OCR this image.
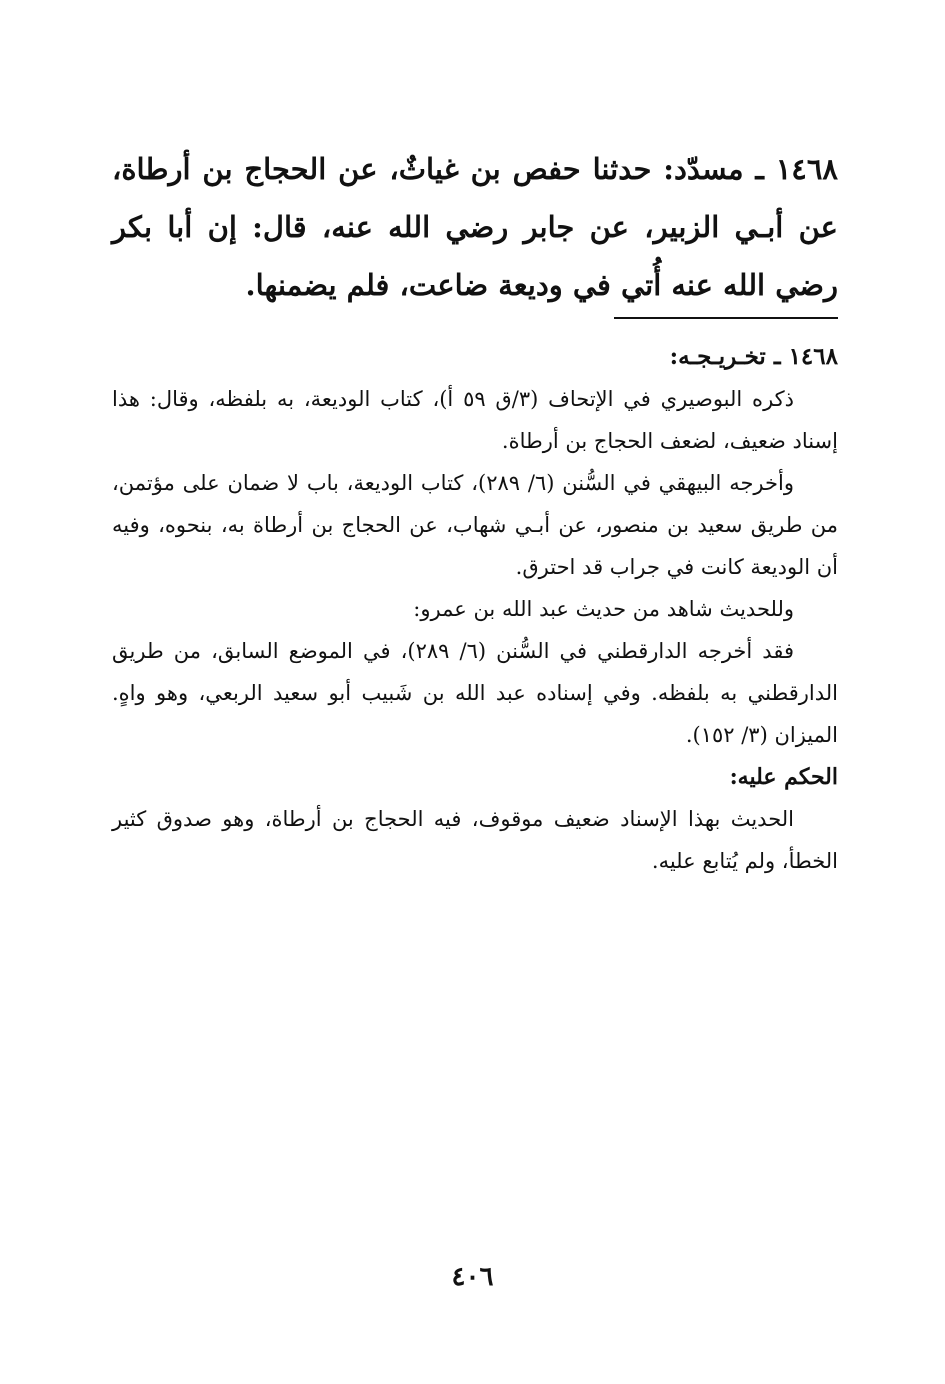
١٤٦٨ ـ مسدّد: حدثنا حفص بن غياثٌ، عن الحجاج بن أرطاة، عن أبـي الزبير، عن جابر رضي الله عنه، قال: إن أبا بكر رضي الله عنه أُتي في وديعة ضاعت، فلم يضمنها.

١٤٦٨ ـ تخـريـجـه:

ذكره البوصيري في الإتحاف (٣/ق ٥٩ أ)، كتاب الوديعة، به بلفظه، وقال: هذا إسناد ضعيف، لضعف الحجاج بن أرطاة.

وأخرجه البيهقي في السُّنن (٦/ ٢٨٩)، كتاب الوديعة، باب لا ضمان على مؤتمن، من طريق سعيد بن منصور، عن أبـي شهاب، عن الحجاج بن أرطاة به، بنحوه، وفيه أن الوديعة كانت في جراب قد احترق.

وللحديث شاهد من حديث عبد الله بن عمرو:

فقد أخرجه الدارقطني في السُّنن (٦/ ٢٨٩)، في الموضع السابق، من طريق الدارقطني به بلفظه. وفي إسناده عبد الله بن شَبيب أبو سعيد الربعي، وهو واهٍ. الميزان (٣/ ١٥٢).

الحكم عليه:

الحديث بهذا الإسناد ضعيف موقوف، فيه الحجاج بن أرطاة، وهو صدوق كثير الخطأ، ولم يُتابع عليه.

٤٠٦
